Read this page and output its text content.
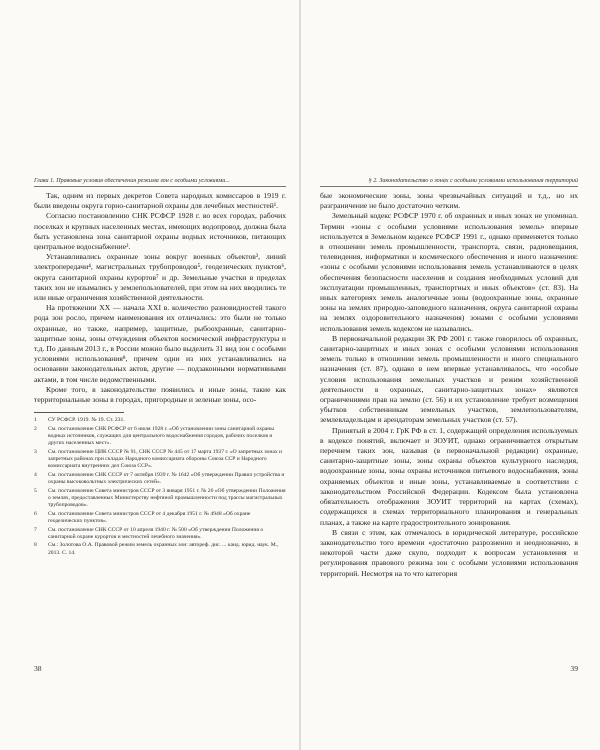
Глава 1. Правовые условия обеспечения режима зон с особыми условиями...

Так, одним из первых декретов Совета народных комиссаров в 1919 г. были введены округа горно-санитарной охраны для лечебных местностей¹.

Согласно постановлению СНК РСФСР 1928 г. во всех городах, рабочих поселках и крупных населенных местах, имеющих водопровод, должна была быть установлена зона санитарной охраны водных источников, питающих центральное водоснабжение².

Устанавливались охранные зоны вокруг военных объектов³, линий электропередачи⁴, магистральных трубопроводов⁵, геодезических пунктов⁶, округа санитарной охраны курортов⁷ и др. Земельные участки в пределах таких зон не изымались у землепользователей, при этом на них вводились те или иные ограничения хозяйственной деятельности.

На протяжении XX — начала XXI в. количество разновидностей такого рода зон росло, причем наименования их отличались: это были не только охранные, но также, например, защитные, рыбоохранные, санитарно-защитные зоны, зоны отчуждения объектов космической инфраструктуры и т.д. По данным 2013 г., в России можно было выделить 31 вид зон с особыми условиями использования⁸, причем одни из них устанавливались на основании законодательных актов, другие — подзаконными нормативными актами, в том числе ведомственными.

Кроме того, в законодательстве появились и иные зоны, такие как территориальные зоны в городах, пригородные и зеленые зоны, осо-

1	СУ РСФСР. 1919. № 19. Ст. 231.
2	См. постановление СНК РСФСР от 6 июля 1928 г. «Об установлении зоны санитарной охраны водных источников, служащих для центрального водоснабжения городов, рабочих поселков и других населенных мест».
3	См. постановление ЦИК СССР № 91, СНК СССР № 445 от 17 марта 1937 г. «О запретных зонах и запретных районах при складах Народного комиссариата обороны Союза ССР и Народного комиссариата внутренних дел Союза ССР».
4	См. постановление СНК СССР от 7 октября 1939 г. № 1642 «Об утверждении Правил устройства и охраны высоковольтных электрических сетей».
5	См. постановление Совета министров СССР от 3 января 1951 г. № 26 «Об утверждении Положения о землях, предоставленных Министерству нефтяной промышленности под трассы магистральных трубопроводов».
6	См. постановление Совета министров СССР от 4 декабря 1951 г. № 4948 «Об охране геодезических пунктов».
7	См. постановление СНК СССР от 10 апреля 1940 г. № 500 «Об утверждении Положения о санитарной охране курортов и местностей лечебного значения».
8	См.: Золотова О.А. Правовой режим земель охранных зон: автореф. дис. ... канд. юрид. наук. М., 2013. С. 14.
38
§ 2. Законодательство о зонах с особыми условиями использования территорий

бые экономические зоны, зоны чрезвычайных ситуаций и т.д., но их разграничение не было достаточно четким.

Земельный кодекс РСФСР 1970 г. об охранных и иных зонах не упоминал. Термин «зоны с особыми условиями использования земель» впервые используется в Земельном кодексе РСФСР 1991 г., однако применяется только в отношении земель промышленности, транспорта, связи, радиовещания, телевидения, информатики и космического обеспечения и иного назначения: «зоны с особыми условиями использования земель устанавливаются в целях обеспечения безопасности населения и создания необходимых условий для эксплуатации промышленных, транспортных и иных объектов» (ст. 83). На иных категориях земель аналогичные зоны (водоохранные зоны, охранные зоны на землях природно-заповедного назначения, округа санитарной охраны на землях оздоровительного назначения) зонами с особыми условиями использования земель кодексом не назывались.

В первоначальной редакции ЗК РФ 2001 г. также говорилось об охранных, санитарно-защитных и иных зонах с особыми условиями использования земель только в отношении земель промышленности и иного специального назначения (ст. 87), однако в нем впервые устанавливалось, что «особые условия использования земельных участков и режим хозяйственной деятельности в охранных, санитарно-защитных зонах» являются ограничениями прав на землю (ст. 56) и их установление требует возмещения убытков собственникам земельных участков, землепользователям, землевладельцам и арендаторам земельных участков (ст. 57).

Принятый в 2004 г. ГрК РФ в ст. 1, содержащей определения используемых в кодексе понятий, включает и ЗОУИТ, однако ограничивается открытым перечнем таких зон, называя (в первоначальной редакции) охранные, санитарно-защитные зоны, зоны охраны объектов культурного наследия, водоохранные зоны, зоны охраны источников питьевого водоснабжения, зоны охраняемых объектов и иные зоны, устанавливаемые в соответствии с законодательством Российской Федерации. Кодексом была установлена обязательность отображения ЗОУИТ территорий на картах (схемах), содержащихся в схемах территориального планирования и генеральных планах, а также на карте градостроительного зонирования.

В связи с этим, как отмечалось в юридической литературе, российское законодательство того времени «достаточно разрозненно и неоднозначно, в некоторой части даже скупо, подходит к вопросам установления и регулирования правового режима зон с особыми условиями использования территорий. Несмотря на то что категория

39
